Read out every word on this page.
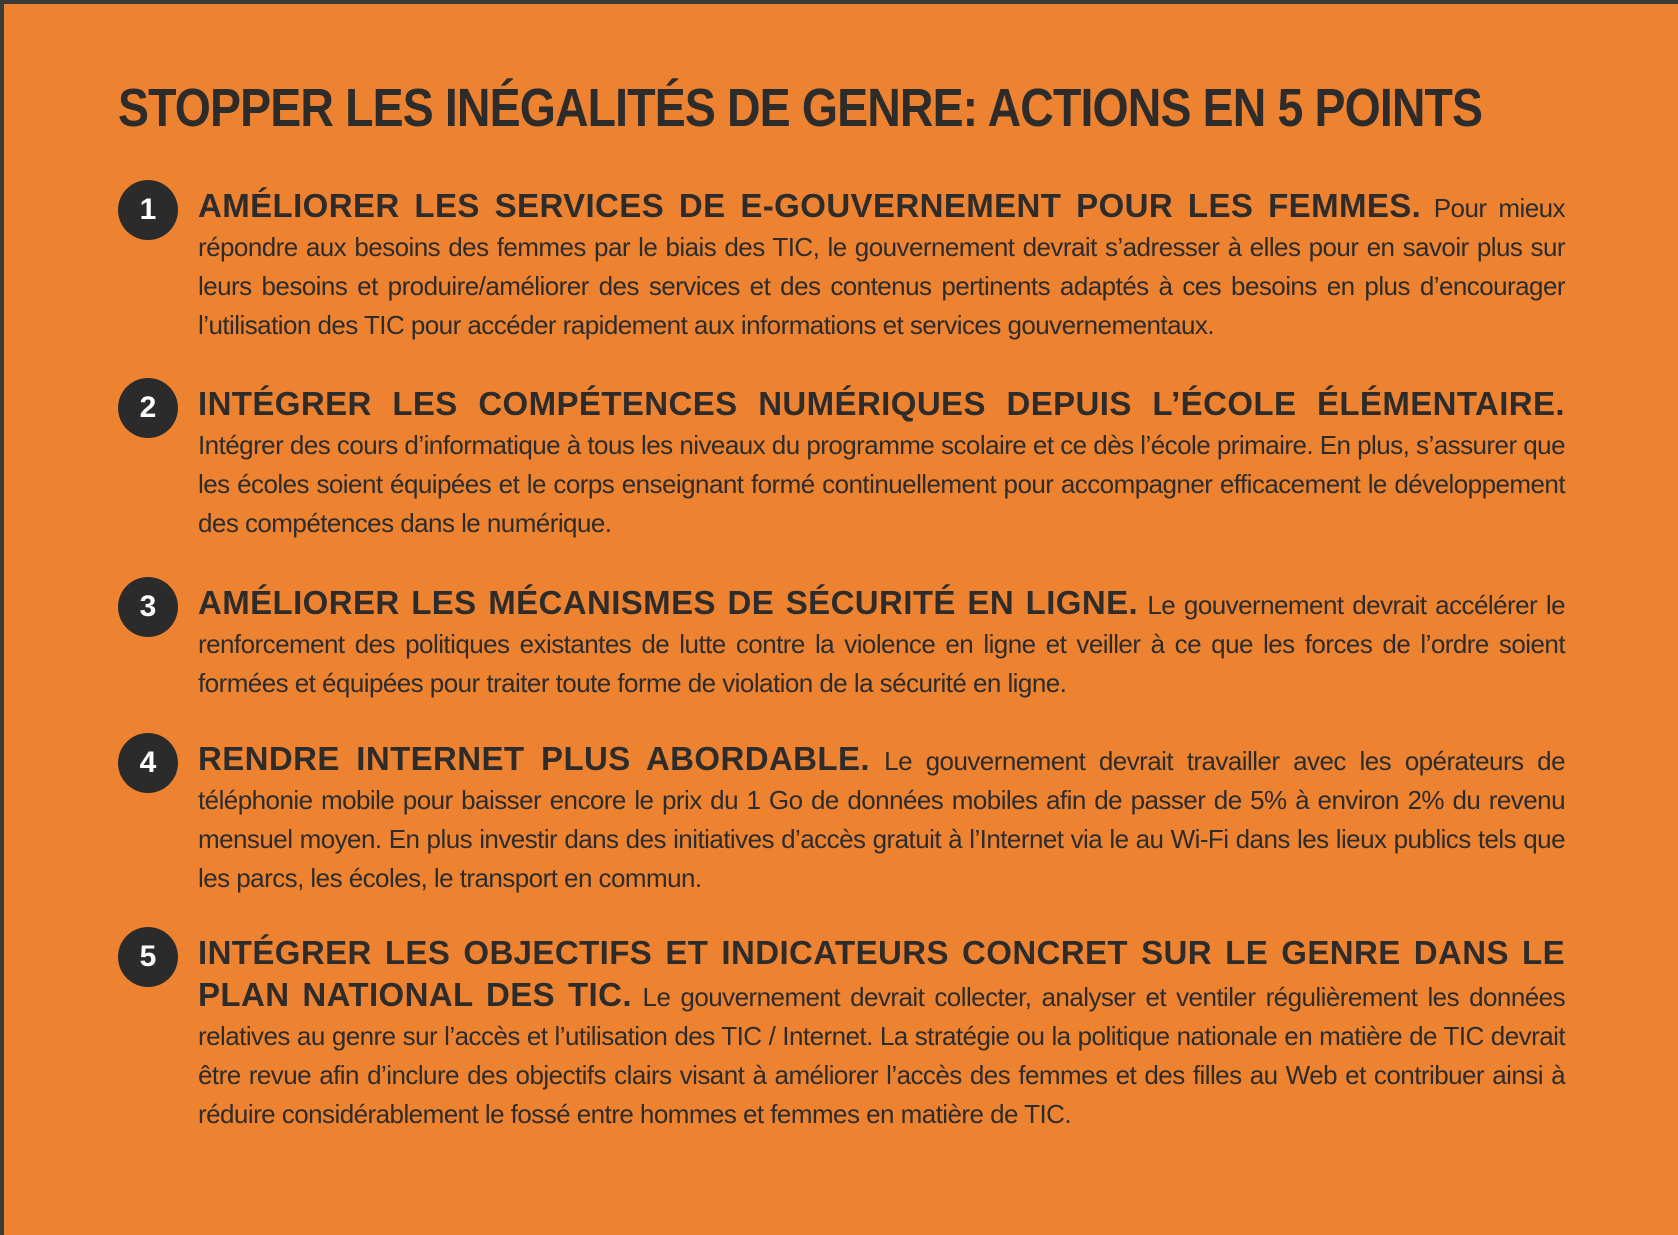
STOPPER LES INÉGALITÉS DE GENRE: ACTIONS EN 5 POINTS
1	AMÉLIORER LES SERVICES DE E-GOUVERNEMENT POUR LES FEMMES. Pour mieux répondre aux besoins des femmes par le biais des TIC, le gouvernement devrait s’adresser à elles pour en savoir plus sur leurs besoins et produire/améliorer des services et des contenus pertinents adaptés à ces besoins en plus d’encourager l’utilisation des TIC pour accéder rapidement aux informations et services gouvernementaux.

2	INTÉGRER LES COMPÉTENCES NUMÉRIQUES DEPUIS L’ÉCOLE ÉLÉMENTAIRE. Intégrer des cours d’informatique à tous les niveaux du programme scolaire et ce dès l’école primaire. En plus, s’assurer que les écoles soient équipées et le corps enseignant formé continuellement pour accompagner efficacement le développement des compétences dans le numérique.

3	AMÉLIORER LES MÉCANISMES DE SÉCURITÉ EN LIGNE. Le gouvernement devrait accélérer le renforcement des politiques existantes de lutte contre la violence en ligne et veiller à ce que les forces de l’ordre soient formées et équipées pour traiter toute forme de violation de la sécurité en ligne.

4	RENDRE INTERNET PLUS ABORDABLE. Le gouvernement devrait travailler avec les opérateurs de téléphonie mobile pour baisser encore le prix du 1 Go de données mobiles afin de passer de 5% à environ 2% du revenu mensuel moyen. En plus investir dans des initiatives d’accès gratuit à l’Internet via le au Wi-Fi dans les lieux publics tels que les parcs, les écoles, le transport en commun.

5	INTÉGRER LES OBJECTIFS ET INDICATEURS CONCRET SUR LE GENRE DANS LE PLAN NATIONAL DES TIC. Le gouvernement devrait collecter, analyser et ventiler régulièrement les données relatives au genre sur l’accès et l’utilisation des TIC / Internet. La stratégie ou la politique nationale en matière de TIC devrait être revue afin d’inclure des objectifs clairs visant à améliorer l’accès des femmes et des filles au Web et contribuer ainsi à réduire considérablement le fossé entre hommes et femmes en matière de TIC.
